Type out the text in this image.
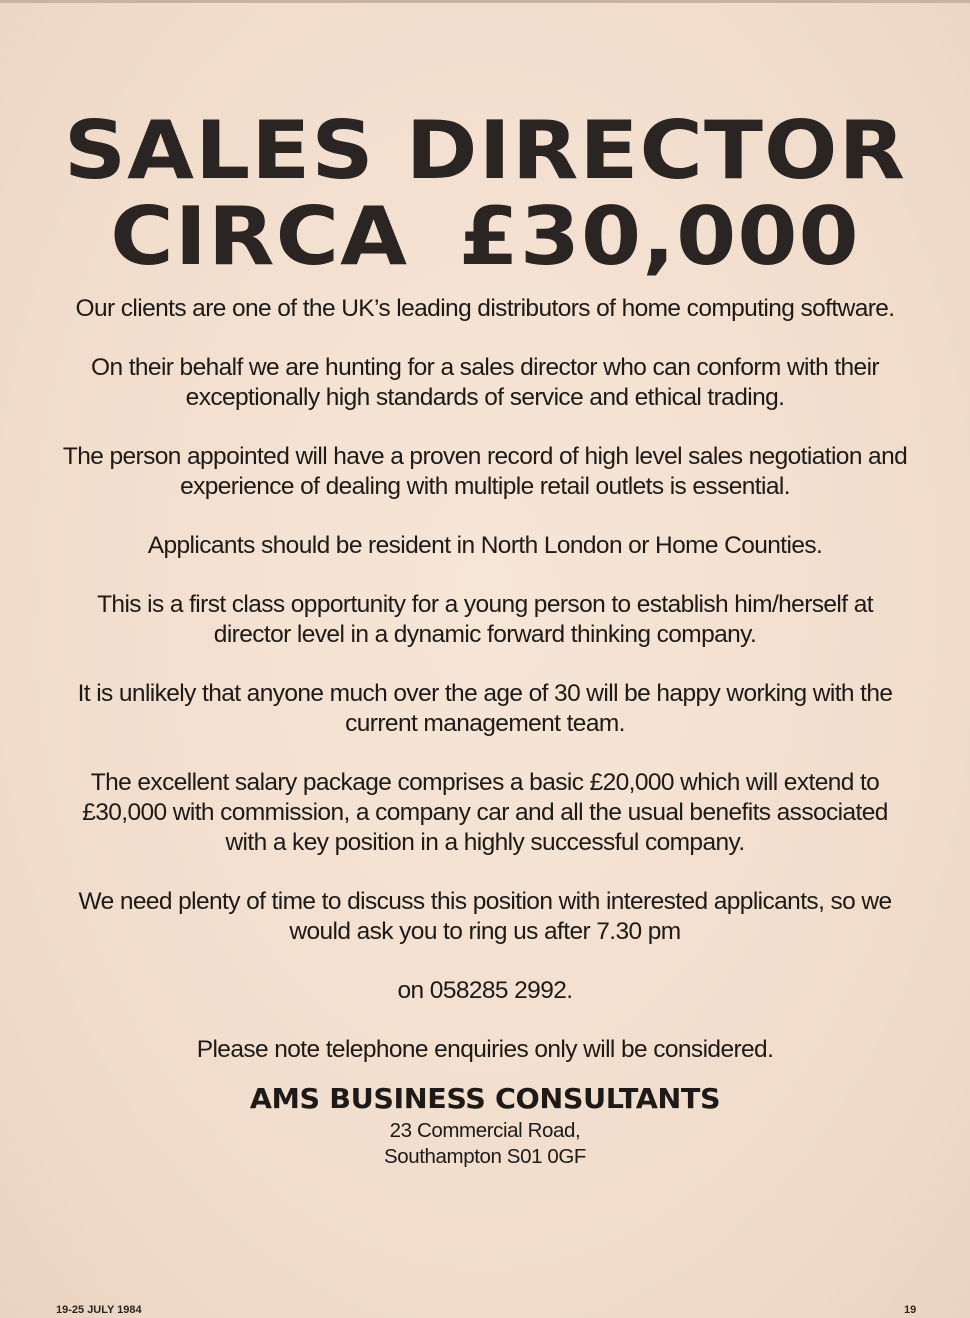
SALES DIRECTOR
CIRCA £30,000

Our clients are one of the UK’s leading distributors of home computing software.

On their behalf we are hunting for a sales director who can conform with their exceptionally high standards of service and ethical trading.

The person appointed will have a proven record of high level sales negotiation and experience of dealing with multiple retail outlets is essential.

Applicants should be resident in North London or Home Counties.

This is a first class opportunity for a young person to establish him/herself at director level in a dynamic forward thinking company.

It is unlikely that anyone much over the age of 30 will be happy working with the current management team.

The excellent salary package comprises a basic £20,000 which will extend to £30,000 with commission, a company car and all the usual benefits associated with a key position in a highly successful company.

We need plenty of time to discuss this position with interested applicants, so we would ask you to ring us after 7.30 pm

on 058285 2992.

Please note telephone enquiries only will be considered.

AMS BUSINESS CONSULTANTS
23 Commercial Road,
Southampton S01 0GF
19-25 JULY 1984	19
